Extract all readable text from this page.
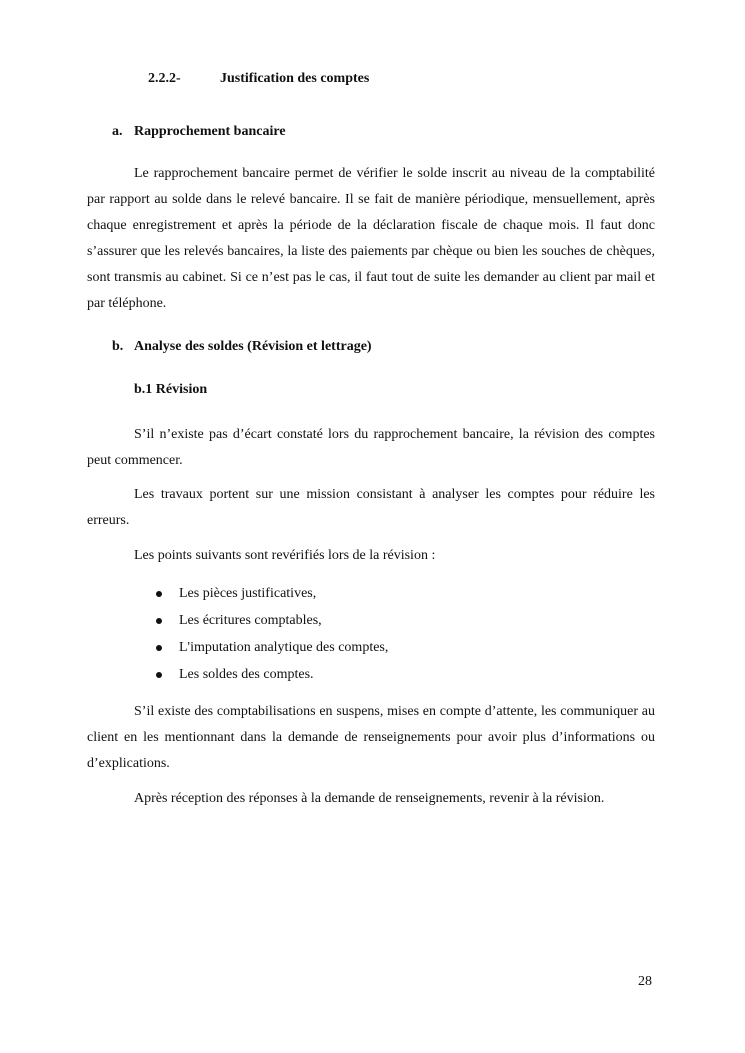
2.2.2-	Justification des comptes
a. Rapprochement bancaire

Le rapprochement bancaire permet de vérifier le solde inscrit au niveau de la comptabilité par rapport au solde dans le relevé bancaire. Il se fait de manière périodique, mensuellement, après chaque enregistrement et après la période de la déclaration fiscale de chaque mois. Il faut donc s’assurer que les relevés bancaires, la liste des paiements par chèque ou bien les souches de chèques, sont transmis au cabinet. Si ce n’est pas le cas, il faut tout de suite les demander au client par mail et par téléphone.

b. Analyse des soldes (Révision et lettrage)
b.1 Révision

S’il n’existe pas d’écart constaté lors du rapprochement bancaire, la révision des comptes peut commencer.

Les travaux portent sur une mission consistant à analyser les comptes pour réduire les erreurs.

Les points suivants sont revérifiés lors de la révision :

Les pièces justificatives,
Les écritures comptables,
L'imputation analytique des comptes,
Les soldes des comptes.

S’il existe des comptabilisations en suspens, mises en compte d’attente, les communiquer au client en les mentionnant dans la demande de renseignements pour avoir plus d’informations ou d’explications.

Après réception des réponses à la demande de renseignements, revenir à la révision.

28
